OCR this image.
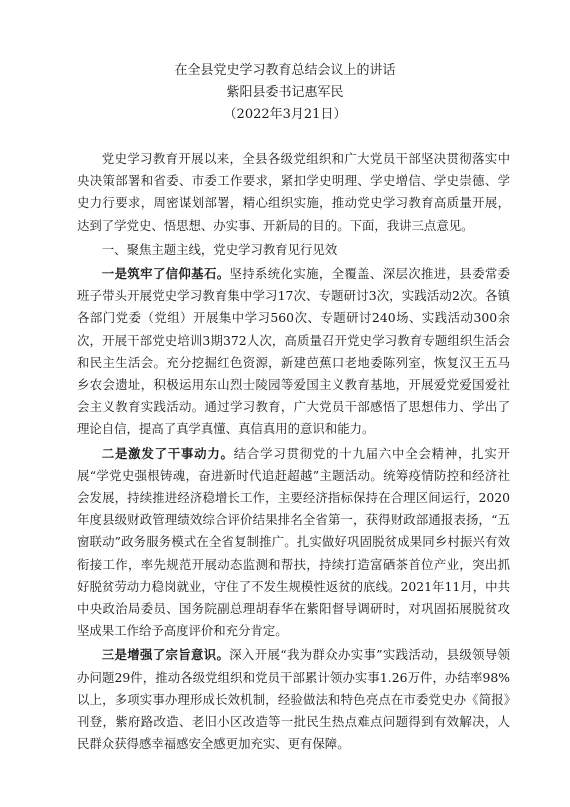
在全县党史学习教育总结会议上的讲话
紫阳县委书记惠军民
（2022年3月21日）

党史学习教育开展以来，全县各级党组织和广大党员干部坚决贯彻落实中央决策部署和省委、市委工作要求，紧扣学史明理、学史增信、学史崇德、学史力行要求，周密谋划部署，精心组织实施，推动党史学习教育高质量开展，达到了学党史、悟思想、办实事、开新局的目的。下面，我讲三点意见。

一、聚焦主题主线，党史学习教育见行见效

一是筑牢了信仰基石。坚持系统化实施，全覆盖、深层次推进，县委常委班子带头开展党史学习教育集中学习17次、专题研讨3次，实践活动2次。各镇各部门党委（党组）开展集中学习560次、专题研讨240场、实践活动300余次，开展干部党史培训3期372人次，高质量召开党史学习教育专题组织生活会和民主生活会。充分挖掘红色资源，新建芭蕉口老地委陈列室，恢复汉王五马乡农会遗址，积极运用东山烈士陵园等爱国主义教育基地，开展爱党爱国爱社会主义教育实践活动。通过学习教育，广大党员干部感悟了思想伟力、学出了理论自信，提高了真学真懂、真信真用的意识和能力。

二是激发了干事动力。结合学习贯彻党的十九届六中全会精神，扎实开展“学党史强根铸魂，奋进新时代追赶超越”主题活动。统筹疫情防控和经济社会发展，持续推进经济稳增长工作，主要经济指标保持在合理区间运行，2020年度县级财政管理绩效综合评价结果排名全省第一，获得财政部通报表扬，“五窗联动”政务服务模式在全省复制推广。扎实做好巩固脱贫成果同乡村振兴有效衔接工作，率先规范开展动态监测和帮扶，持续打造富硒茶首位产业，突出抓好脱贫劳动力稳岗就业，守住了不发生规模性返贫的底线。2021年11月，中共中央政治局委员、国务院副总理胡春华在紫阳督导调研时，对巩固拓展脱贫攻坚成果工作给予高度评价和充分肯定。

三是增强了宗旨意识。深入开展“我为群众办实事”实践活动，县级领导领办问题29件，推动各级党组织和党员干部累计领办实事1.26万件，办结率98%以上，多项实事办理形成长效机制，经验做法和特色亮点在市委党史办《简报》刊登，紫府路改造、老旧小区改造等一批民生热点难点问题得到有效解决，人民群众获得感幸福感安全感更加充实、更有保障。
